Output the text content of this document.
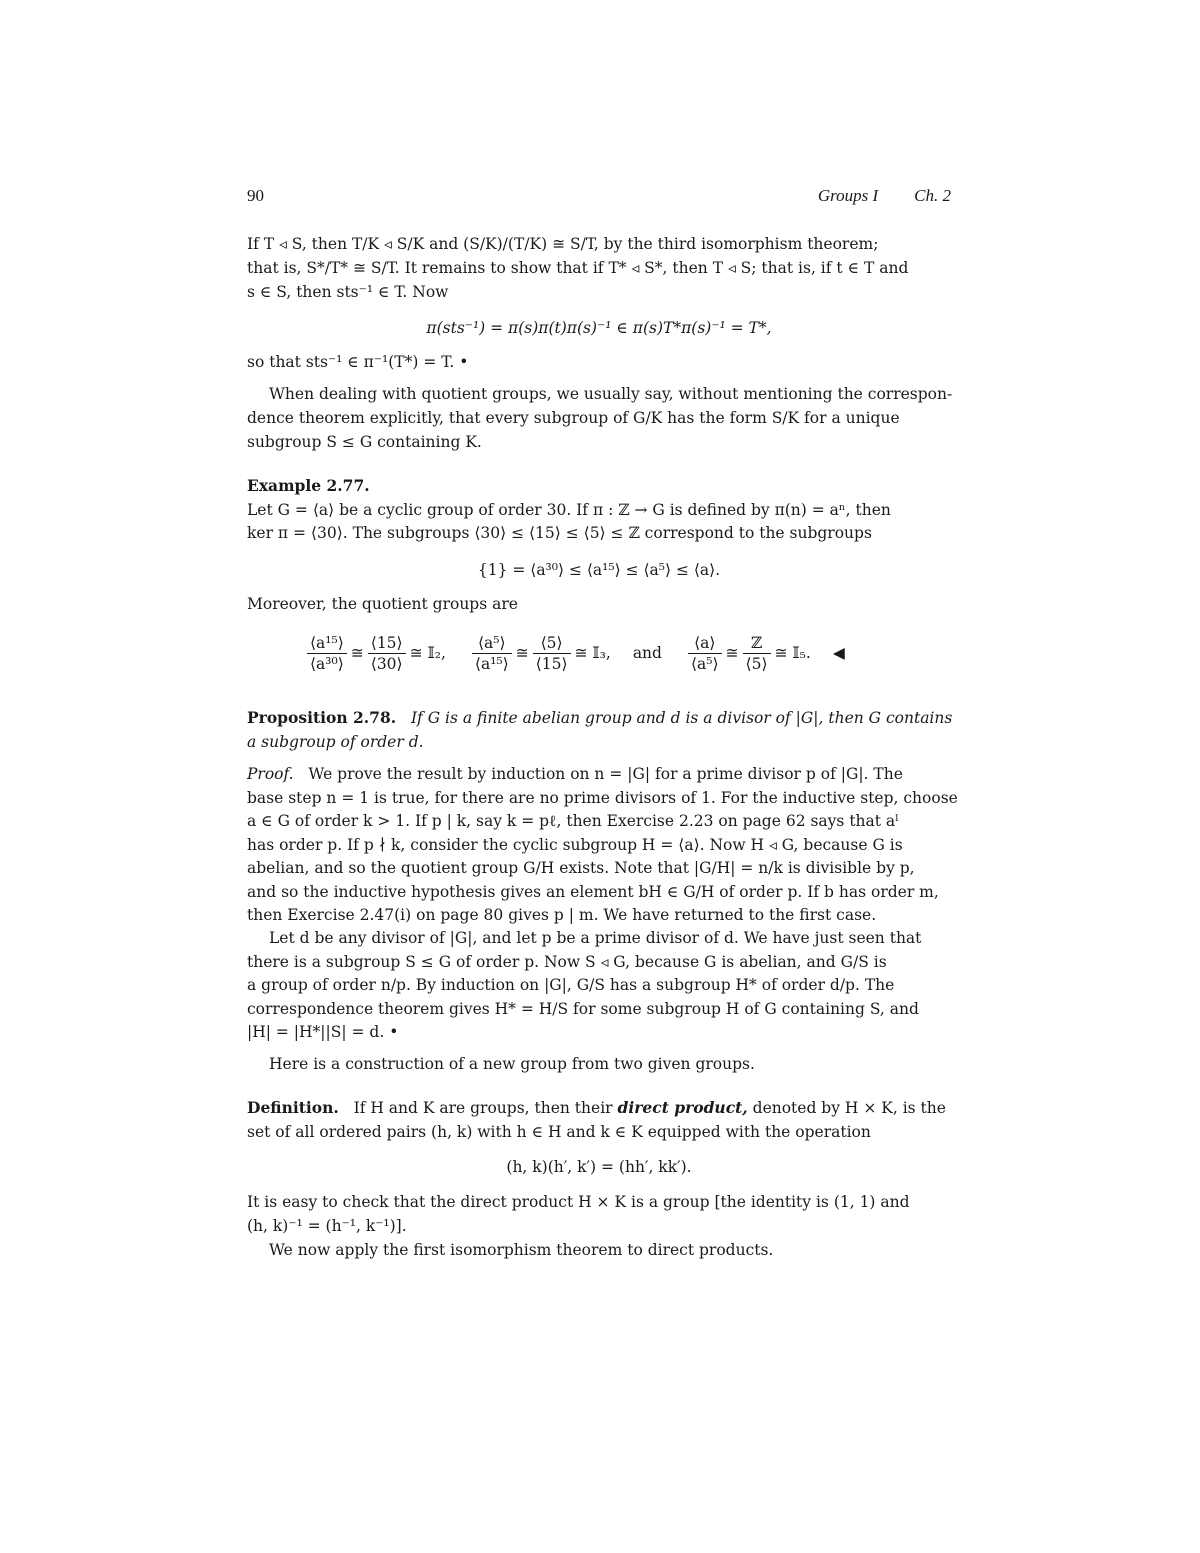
90	Groups I Ch. 2
If T ◃ S, then T/K ◃ S/K and (S/K)/(T/K) ≅ S/T, by the third isomorphism theorem;
that is, S*/T* ≅ S/T. It remains to show that if T* ◃ S*, then T ◃ S; that is, if t ∈ T and
s ∈ S, then sts⁻¹ ∈ T. Now
π(sts⁻¹) = π(s)π(t)π(s)⁻¹ ∈ π(s)T*π(s)⁻¹ = T*,
so that sts⁻¹ ∈ π⁻¹(T*) = T. •
When dealing with quotient groups, we usually say, without mentioning the correspon-
dence theorem explicitly, that every subgroup of G/K has the form S/K for a unique
subgroup S ≤ G containing K.
Example 2.77.
Let G = ⟨a⟩ be a cyclic group of order 30. If π : ℤ → G is defined by π(n) = aⁿ, then
ker π = ⟨30⟩. The subgroups ⟨30⟩ ≤ ⟨15⟩ ≤ ⟨5⟩ ≤ ℤ correspond to the subgroups
{1} = ⟨a³⁰⟩ ≤ ⟨a¹⁵⟩ ≤ ⟨a⁵⟩ ≤ ⟨a⟩.
Moreover, the quotient groups are
$\frac{\text{⟨a¹⁵⟩}}{\text{⟨a³⁰⟩}}$ ≅ $\frac{⟨15⟩}{⟨30⟩}$ ≅ 𝕀₂, $\frac{\text{⟨a⁵⟩}}{\text{⟨a¹⁵⟩}}$ ≅ $\frac{⟨5⟩}{⟨15⟩}$ ≅ 𝕀₃, and $\frac{⟨a⟩}{\text{⟨a⁵⟩}}$ ≅ $\frac{\text{ℤ}}{⟨5⟩}$ ≅ 𝕀₅. ◀
Proposition 2.78. If G is a finite abelian group and d is a divisor of |G|, then G contains
a subgroup of order d.
Proof. We prove the result by induction on n = |G| for a prime divisor p of |G|. The
base step n = 1 is true, for there are no prime divisors of 1. For the inductive step, choose
a ∈ G of order k > 1. If p | k, say k = pℓ, then Exercise 2.23 on page 62 says that aˡ
has order p. If p ∤ k, consider the cyclic subgroup H = ⟨a⟩. Now H ◃ G, because G is
abelian, and so the quotient group G/H exists. Note that |G/H| = n/k is divisible by p,
and so the inductive hypothesis gives an element bH ∈ G/H of order p. If b has order m,
then Exercise 2.47(i) on page 80 gives p | m. We have returned to the first case.
Let d be any divisor of |G|, and let p be a prime divisor of d. We have just seen that
there is a subgroup S ≤ G of order p. Now S ◃ G, because G is abelian, and G/S is
a group of order n/p. By induction on |G|, G/S has a subgroup H* of order d/p. The
correspondence theorem gives H* = H/S for some subgroup H of G containing S, and
|H| = |H*||S| = d. •
Here is a construction of a new group from two given groups.
Definition. If H and K are groups, then their direct product, denoted by H × K, is the
set of all ordered pairs (h, k) with h ∈ H and k ∈ K equipped with the operation
(h, k)(h′, k′) = (hh′, kk′).
It is easy to check that the direct product H × K is a group [the identity is (1, 1) and
(h, k)⁻¹ = (h⁻¹, k⁻¹)].
We now apply the first isomorphism theorem to direct products.
